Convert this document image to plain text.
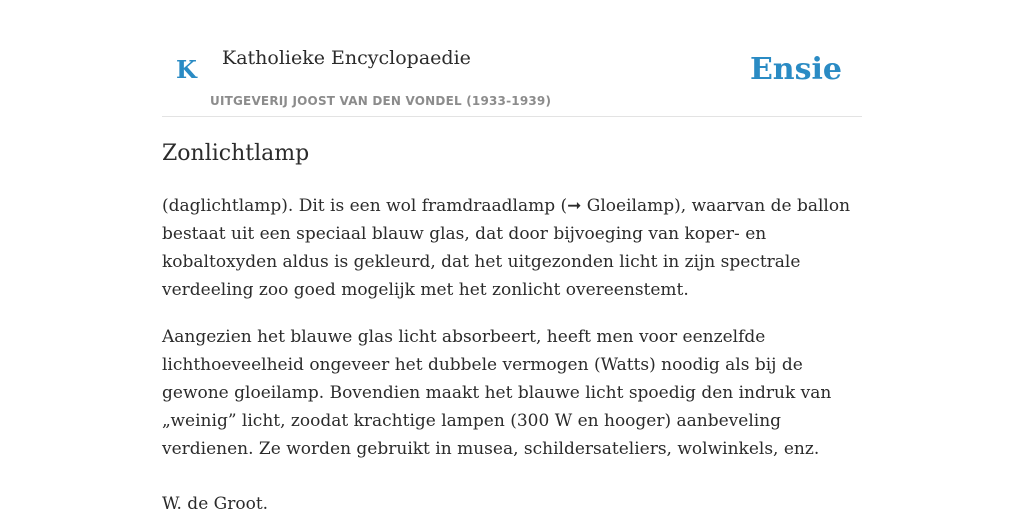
K Katholieke Encyclopaedie
UITGEVERIJ JOOST VAN DEN VONDEL (1933-1939)
Ensie
Zonlichtlamp

(daglichtlamp). Dit is een wol framdraadlamp (➞ Gloeilamp), waarvan de ballon bestaat uit een speciaal blauw glas, dat door bijvoeging van koper- en kobaltoxyden aldus is gekleurd, dat het uitgezonden licht in zijn spectrale verdeeling zoo goed mogelijk met het zonlicht overeenstemt.

Aangezien het blauwe glas licht absorbeert, heeft men voor eenzelfde lichthoeveelheid ongeveer het dubbele vermogen (Watts) noodig als bij de gewone gloeilamp. Bovendien maakt het blauwe licht spoedig den indruk van „weinig” licht, zoodat krachtige lampen (300 W en hooger) aanbeveling verdienen. Ze worden gebruikt in musea, schildersateliers, wolwinkels, enz.

W. de Groot.
